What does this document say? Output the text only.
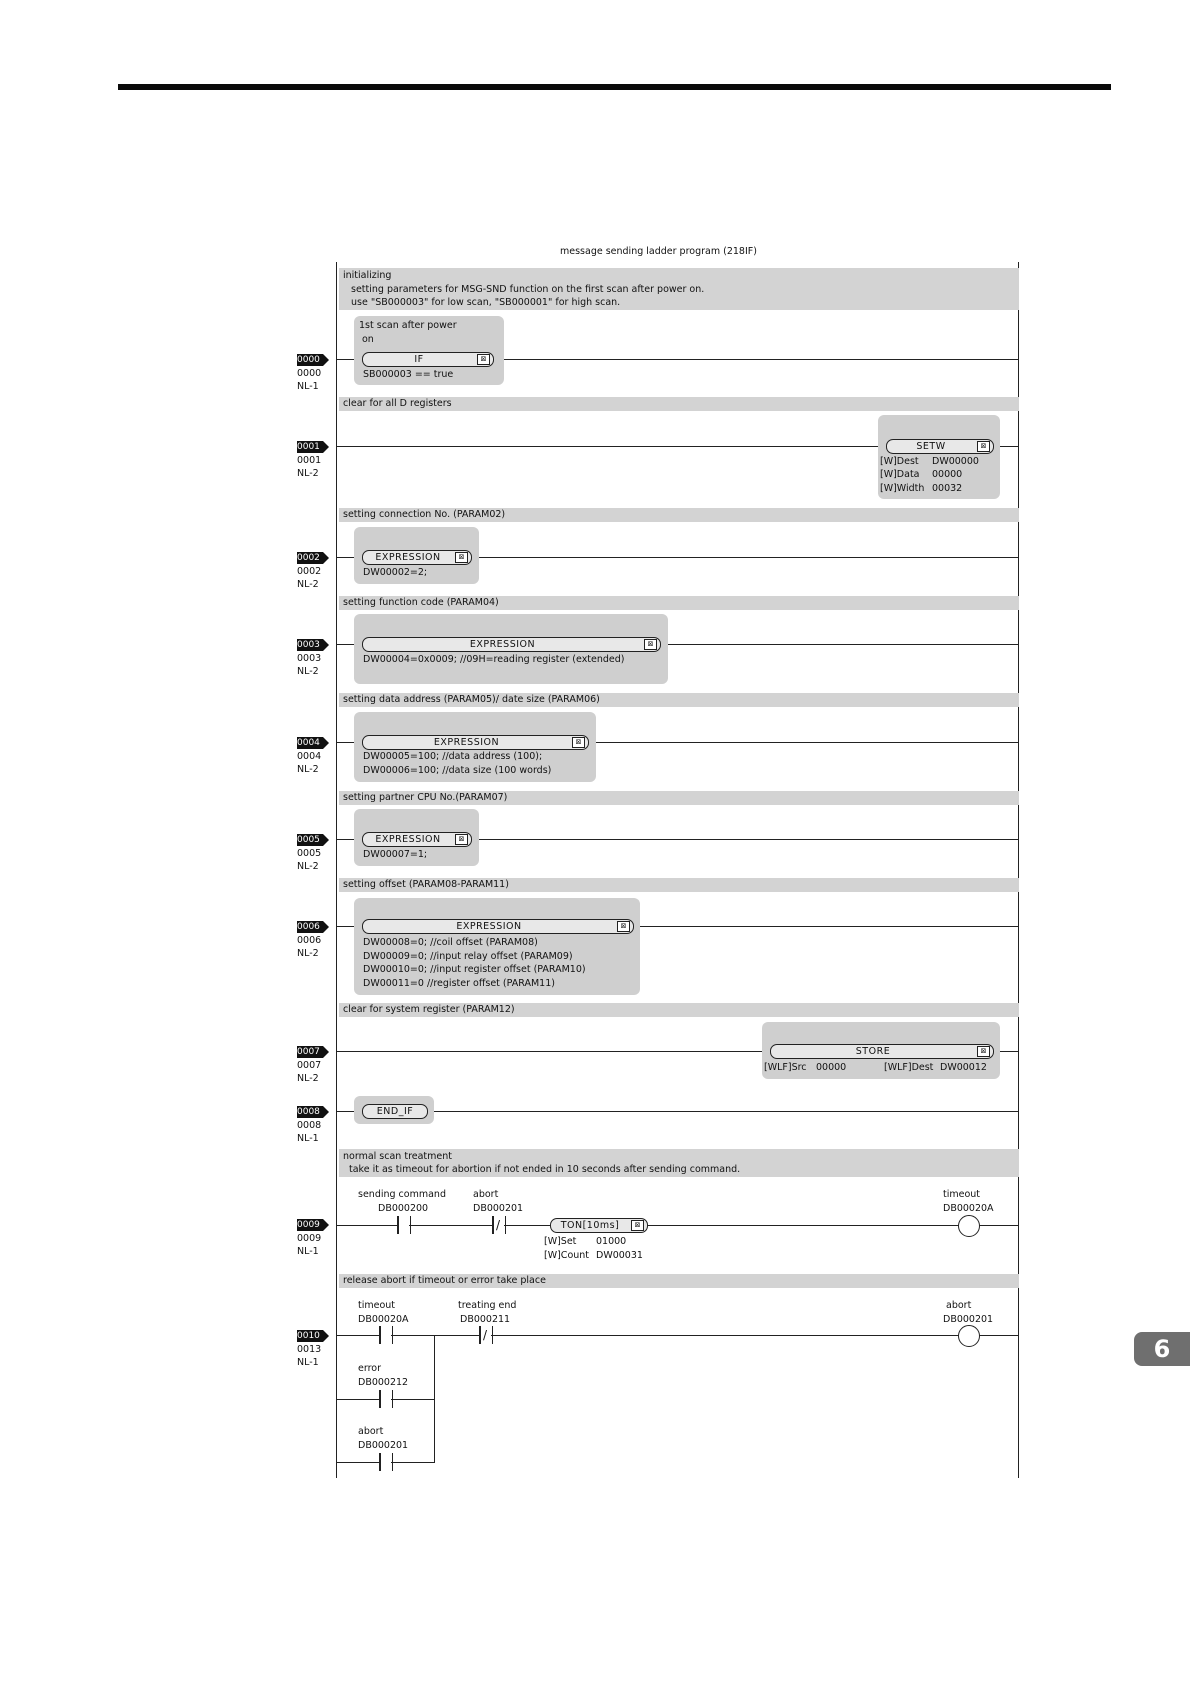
6
message sending ladder program (218IF)
initializing
setting parameters for MSG-SND function on the first scan after power on.
use "SB000003" for low scan, "SB000001" for high scan.
clear for all D registers
setting connection No. (PARAM02)
setting function code (PARAM04)
setting data address (PARAM05)/ date size (PARAM06)
setting partner CPU No.(PARAM07)
setting offset (PARAM08-PARAM11)
clear for system register (PARAM12)
normal scan treatment
take it as timeout for abortion if not ended in 10 seconds after sending command.
release abort if timeout or error take place
0000
0000
NL-1
0001
0001
NL-2
0002
0002
NL-2
0003
0003
NL-2
0004
0004
NL-2
0005
0005
NL-2
0006
0006
NL-2
0007
0007
NL-2
0008
0008
NL-1
0009
0009
NL-1
0010
0013
NL-1
1st scan after power
on
IF	⊠
SB000003 == true
SETW	⊠
[W]Dest DW00000
[W]Data 00000
[W]Width 00032
EXPRESSION	⊠
DW00002=2;
EXPRESSION	⊠
DW00004=0x0009; //09H=reading register (extended)
EXPRESSION	⊠
DW00005=100; //data address (100);
DW00006=100; //data size (100 words)
EXPRESSION	⊠
DW00007=1;
EXPRESSION	⊠
DW00008=0; //coil offset (PARAM08)
DW00009=0; //input relay offset (PARAM09)
DW00010=0; //input register offset (PARAM10)
DW00011=0 //register offset (PARAM11)
STORE	⊠
[WLF]Src 00000	[WLF]Dest DW00012
END_IF
sending command
DB000200
abort
DB000201
/	TON[10ms]	⊠
[W]Set 01000
[W]Count DW00031
timeout
DB00020A
timeout
DB00020A
treating end
DB000211
/
abort
DB000201
error
DB000212
abort
DB000201
